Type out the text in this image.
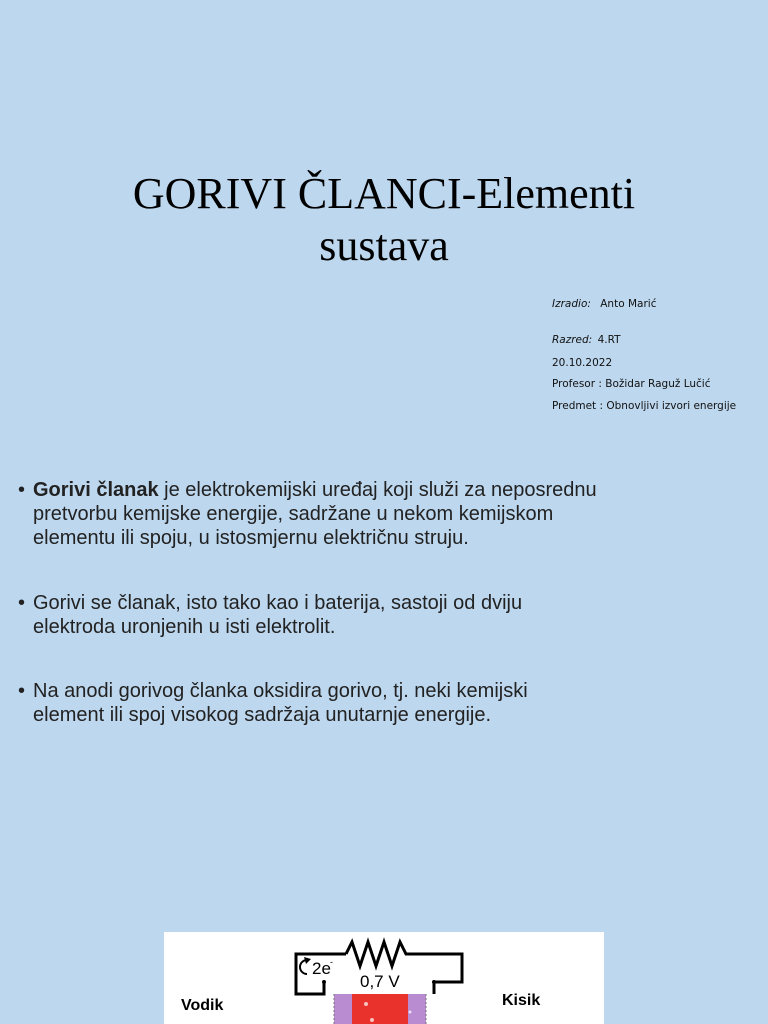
GORIVI ČLANCI-Elementi
sustava
Izradio: Anto Marić
Razred: 4.RT
20.10.2022
Profesor : Božidar Raguž Lučić
Predmet : Obnovljivi izvori energije
• Gorivi članak je elektrokemijski uređaj koji služi za neposrednu
pretvorbu kemijske energije, sadržane u nekom kemijskom
elementu ili spoju, u istosmjernu električnu struju.
• Gorivi se članak, isto tako kao i baterija, sastoji od dviju
elektroda uronjenih u isti elektrolit.
• Na anodi gorivog članka oksidira gorivo, tj. neki kemijski
element ili spoj visokog sadržaja unutarnje energije.
2e -
0,7 V
Vodik	Kisik
